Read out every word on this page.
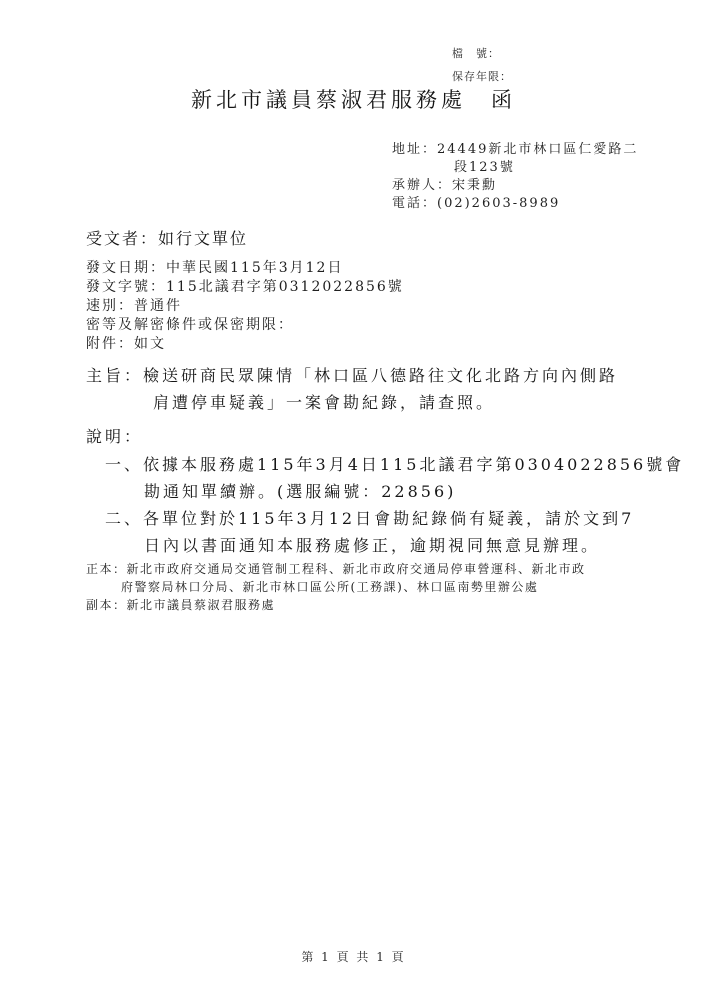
檔　號：
保存年限：
新北市議員蔡淑君服務處　函
地址：24449新北市林口區仁愛路二
段123號
承辦人：宋秉勳
電話：(02)2603-8989
受文者：如行文單位
發文日期：中華民國115年3月12日
發文字號：115北議君字第0312022856號
速別：普通件
密等及解密條件或保密期限：
附件：如文
主旨：檢送研商民眾陳情「林口區八德路往文化北路方向內側路
肩遭停車疑義」一案會勘紀錄，請查照。
說明：
一、依據本服務處115年3月4日115北議君字第0304022856號會
勘通知單續辦。(選服編號：22856)
二、各單位對於115年3月12日會勘紀錄倘有疑義，請於文到7
日內以書面通知本服務處修正，逾期視同無意見辦理。
正本：新北市政府交通局交通管制工程科、新北市政府交通局停車營運科、新北市政
府警察局林口分局、新北市林口區公所(工務課)、林口區南勢里辦公處
副本：新北市議員蔡淑君服務處
第 1 頁 共 1 頁
